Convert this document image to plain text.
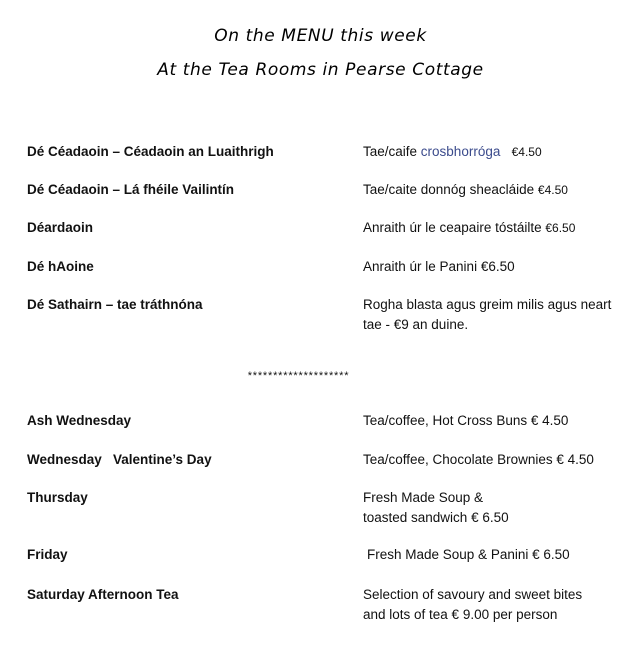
On the MENU this week
At the Tea Rooms in Pearse Cottage
Dé Céadaoin – Céadaoin an Luaithrigh	Tae/caife crosbhorróga €4.50
Dé Céadaoin – Lá fhéile Vailintín	Tae/caite donnóg sheacláide €4.50
Déardaoin	Anraith úr le ceapaire tóstáilte €6.50
Dé hAoine	Anraith úr le Panini €6.50
Dé Sathairn – tae tráthnóna	Rogha blasta agus greim milis agus neart tae - €9 an duine.
********************
Ash Wednesday	Tea/coffee, Hot Cross Buns € 4.50
Wednesday   Valentine’s Day	Tea/coffee, Chocolate Brownies € 4.50
Thursday	Fresh Made Soup & toasted sandwich € 6.50
Friday	Fresh Made Soup & Panini € 6.50
Saturday Afternoon Tea	Selection of savoury and sweet bites and lots of tea € 9.00 per person
